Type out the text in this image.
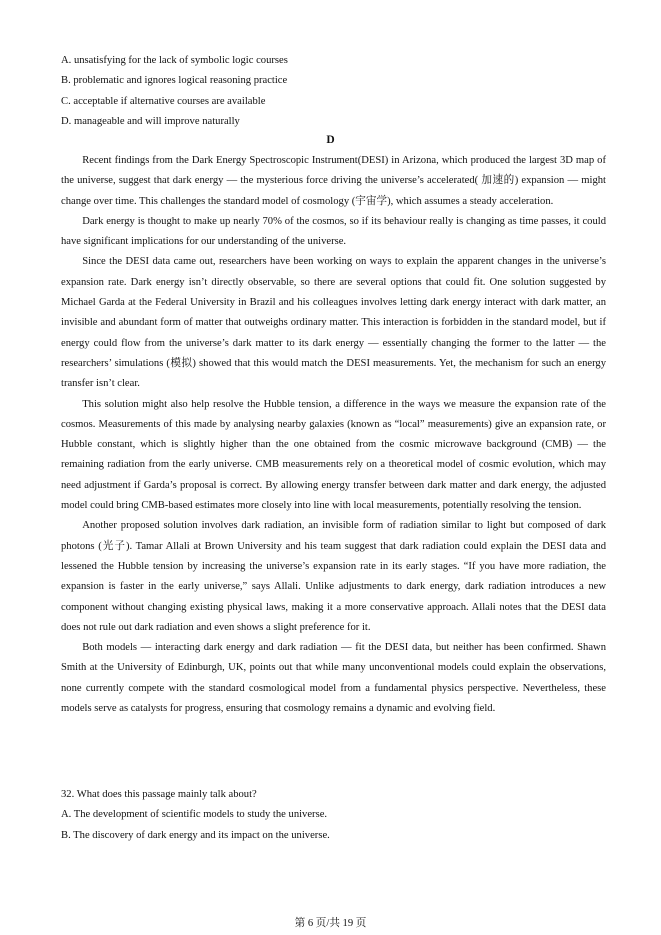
A. unsatisfying for the lack of symbolic logic courses
B. problematic and ignores logical reasoning practice
C. acceptable if alternative courses are available
D. manageable and will improve naturally
D

Recent findings from the Dark Energy Spectroscopic Instrument(DESI) in Arizona, which produced the largest 3D map of the universe, suggest that dark energy — the mysterious force driving the universe’s accelerated( 加速的) expansion — might change over time. This challenges the standard model of cosmology (宇宙学), which assumes a steady acceleration.

Dark energy is thought to make up nearly 70% of the cosmos, so if its behaviour really is changing as time passes, it could have significant implications for our understanding of the universe.

Since the DESI data came out, researchers have been working on ways to explain the apparent changes in the universe’s expansion rate. Dark energy isn’t directly observable, so there are several options that could fit. One solution suggested by Michael Garda at the Federal University in Brazil and his colleagues involves letting dark energy interact with dark matter, an invisible and abundant form of matter that outweighs ordinary matter. This interaction is forbidden in the standard model, but if energy could flow from the universe’s dark matter to its dark energy — essentially changing the former to the latter — the researchers’ simulations (模拟) showed that this would match the DESI measurements. Yet, the mechanism for such an energy transfer isn’t clear.

This solution might also help resolve the Hubble tension, a difference in the ways we measure the expansion rate of the cosmos. Measurements of this made by analysing nearby galaxies (known as “local” measurements) give an expansion rate, or Hubble constant, which is slightly higher than the one obtained from the cosmic microwave background (CMB) — the remaining radiation from the early universe. CMB measurements rely on a theoretical model of cosmic evolution, which may need adjustment if Garda’s proposal is correct. By allowing energy transfer between dark matter and dark energy, the adjusted model could bring CMB-based estimates more closely into line with local measurements, potentially resolving the tension.

Another proposed solution involves dark radiation, an invisible form of radiation similar to light but composed of dark photons (光子). Tamar Allali at Brown University and his team suggest that dark radiation could explain the DESI data and lessened the Hubble tension by increasing the universe’s expansion rate in its early stages. “If you have more radiation, the expansion is faster in the early universe,” says Allali. Unlike adjustments to dark energy, dark radiation introduces a new component without changing existing physical laws, making it a more conservative approach. Allali notes that the DESI data does not rule out dark radiation and even shows a slight preference for it.

Both models — interacting dark energy and dark radiation — fit the DESI data, but neither has been confirmed. Shawn Smith at the University of Edinburgh, UK, points out that while many unconventional models could explain the observations, none currently compete with the standard cosmological model from a fundamental physics perspective. Nevertheless, these models serve as catalysts for progress, ensuring that cosmology remains a dynamic and evolving field.

32. What does this passage mainly talk about?
A. The development of scientific models to study the universe.
B. The discovery of dark energy and its impact on the universe.
第 6 页/共 19 页
